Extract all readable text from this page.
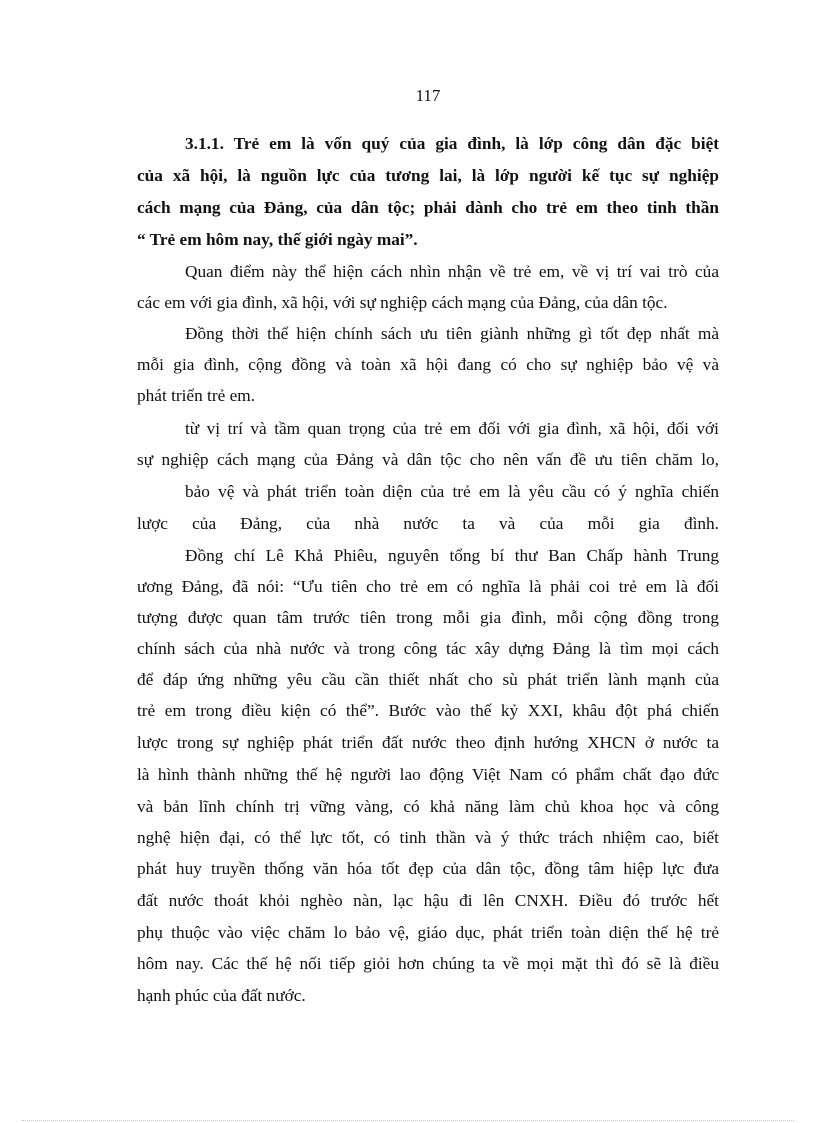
117
3.1.1. Trẻ em là vốn quý của gia đình, là lớp công dân đặc biệt
của xã hội, là nguồn lực của tương lai, là lớp người kế tục sự nghiệp
cách mạng của Đảng, của dân tộc; phải dành cho trẻ em theo tinh thần
“ Trẻ em hôm nay, thế giới ngày mai”.
Quan điểm này thể hiện cách nhìn nhận về trẻ em, về vị trí vai trò của
các em với gia đình, xã hội, với sự nghiệp cách mạng của Đảng, của dân tộc.
Đồng thời thể hiện chính sách ưu tiên giành những gì tốt đẹp nhất mà
mỗi gia đình, cộng đồng và toàn xã hội đang có cho sự nghiệp bảo vệ và
phát triển trẻ em.
từ vị trí và tầm quan trọng của trẻ em đối với gia đình, xã hội, đối với
sự nghiệp cách mạng của Đảng và dân tộc cho nên vấn đề ưu tiên chăm lo,
bảo vệ và phát triển toàn diện của trẻ em là yêu cầu có ý nghĩa chiến
lược của Đảng, của nhà nước ta và của mỗi gia đình.
Đồng chí Lê Khả Phiêu, nguyên tổng bí thư Ban Chấp hành Trung
ương Đảng, đã nói: “Ưu tiên cho trẻ em có nghĩa là phải coi trẻ em là đối
tượng được quan tâm trước tiên trong mỗi gia đình, mỗi cộng đồng trong
chính sách của nhà nước và trong công tác xây dựng Đảng là tìm mọi cách
để đáp ứng những yêu cầu cần thiết nhất cho sù phát triển lành mạnh của
trẻ em trong điều kiện có thể”. Bước vào thế kỷ XXI, khâu đột phá chiến
lược trong sự nghiệp phát triển đất nước theo định hướng XHCN ở nước ta
là hình thành những thế hệ người lao động Việt Nam có phẩm chất đạo đức
và bản lĩnh chính trị vững vàng, có khả năng làm chủ khoa học và công
nghệ hiện đại, có thể lực tốt, có tinh thần và ý thức trách nhiệm cao, biết
phát huy truyền thống văn hóa tốt đẹp của dân tộc, đồng tâm hiệp lực đưa
đất nước thoát khỏi nghèo nàn, lạc hậu đi lên CNXH. Điều đó trước hết
phụ thuộc vào việc chăm lo bảo vệ, giáo dục, phát triển toàn diện thế hệ trẻ
hôm nay. Các thế hệ nối tiếp giỏi hơn chúng ta về mọi mặt thì đó sẽ là điều
hạnh phúc của đất nước.
